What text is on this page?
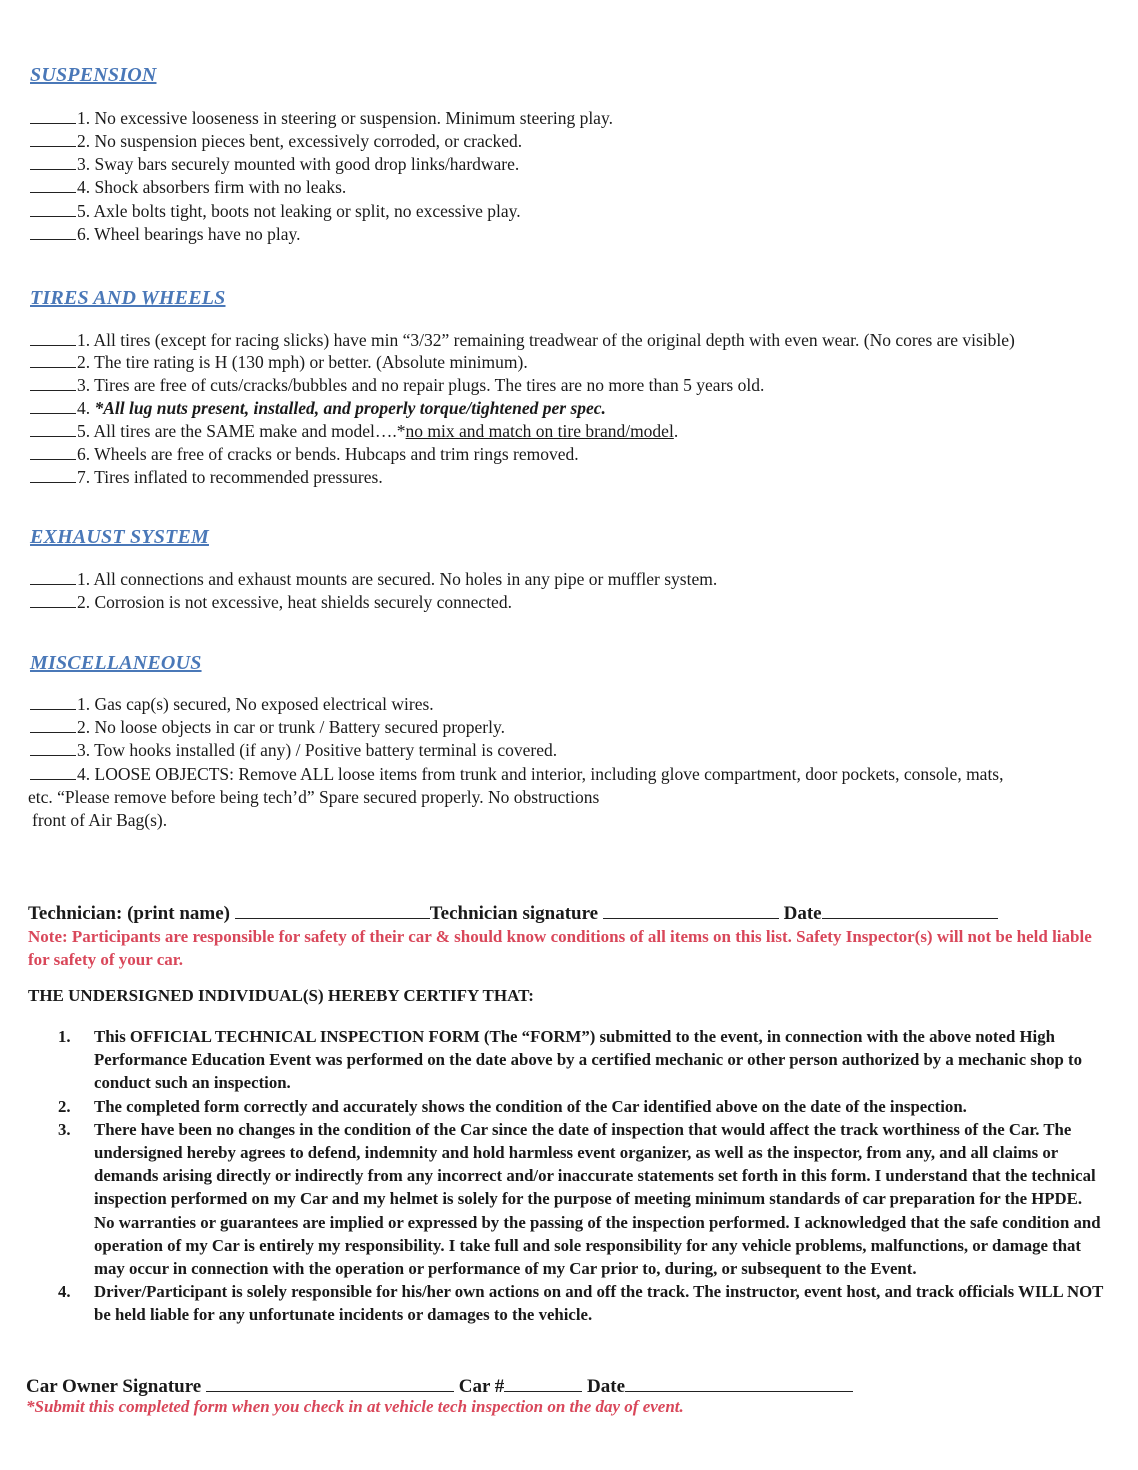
SUSPENSION
1. No excessive looseness in steering or suspension. Minimum steering play.
2. No suspension pieces bent, excessively corroded, or cracked.
3. Sway bars securely mounted with good drop links/hardware.
4. Shock absorbers firm with no leaks.
5. Axle bolts tight, boots not leaking or split, no excessive play.
6. Wheel bearings have no play.
TIRES AND WHEELS
1. All tires (except for racing slicks) have min “3/32” remaining treadwear of the original depth with even wear. (No cores are visible)
2. The tire rating is H (130 mph) or better. (Absolute minimum).
3. Tires are free of cuts/cracks/bubbles and no repair plugs. The tires are no more than 5 years old.
4. *All lug nuts present, installed, and properly torque/tightened per spec.
5. All tires are the SAME make and model….*no mix and match on tire brand/model.
6. Wheels are free of cracks or bends. Hubcaps and trim rings removed.
7. Tires inflated to recommended pressures.
EXHAUST SYSTEM
1. All connections and exhaust mounts are secured. No holes in any pipe or muffler system.
2. Corrosion is not excessive, heat shields securely connected.
MISCELLANEOUS
1. Gas cap(s) secured, No exposed electrical wires.
2. No loose objects in car or trunk / Battery secured properly.
3. Tow hooks installed (if any) / Positive battery terminal is covered.
4. LOOSE OBJECTS: Remove ALL loose items from trunk and interior, including glove compartment, door pockets, console, mats,
etc. “Please remove before being tech’d” Spare secured properly. No obstructions
front of Air Bag(s).
Technician: (print name)	Technician signature	Date
Note: Participants are responsible for safety of their car & should know conditions of all items on this list. Safety Inspector(s) will not be held liable for safety of your car.
THE UNDERSIGNED INDIVIDUAL(S) HEREBY CERTIFY THAT:
1. This OFFICIAL TECHNICAL INSPECTION FORM (The “FORM”) submitted to the event, in connection with the above noted High Performance Education Event was performed on the date above by a certified mechanic or other person authorized by a mechanic shop to conduct such an inspection.
2. The completed form correctly and accurately shows the condition of the Car identified above on the date of the inspection.
3. There have been no changes in the condition of the Car since the date of inspection that would affect the track worthiness of the Car. The undersigned hereby agrees to defend, indemnity and hold harmless event organizer, as well as the inspector, from any, and all claims or demands arising directly or indirectly from any incorrect and/or inaccurate statements set forth in this form. I understand that the technical inspection performed on my Car and my helmet is solely for the purpose of meeting minimum standards of car preparation for the HPDE. No warranties or guarantees are implied or expressed by the passing of the inspection performed. I acknowledged that the safe condition and operation of my Car is entirely my responsibility. I take full and sole responsibility for any vehicle problems, malfunctions, or damage that may occur in connection with the operation or performance of my Car prior to, during, or subsequent to the Event.
4. Driver/Participant is solely responsible for his/her own actions on and off the track. The instructor, event host, and track officials WILL NOT be held liable for any unfortunate incidents or damages to the vehicle.
Car Owner Signature	Car #	Date
*Submit this completed form when you check in at vehicle tech inspection on the day of event.
